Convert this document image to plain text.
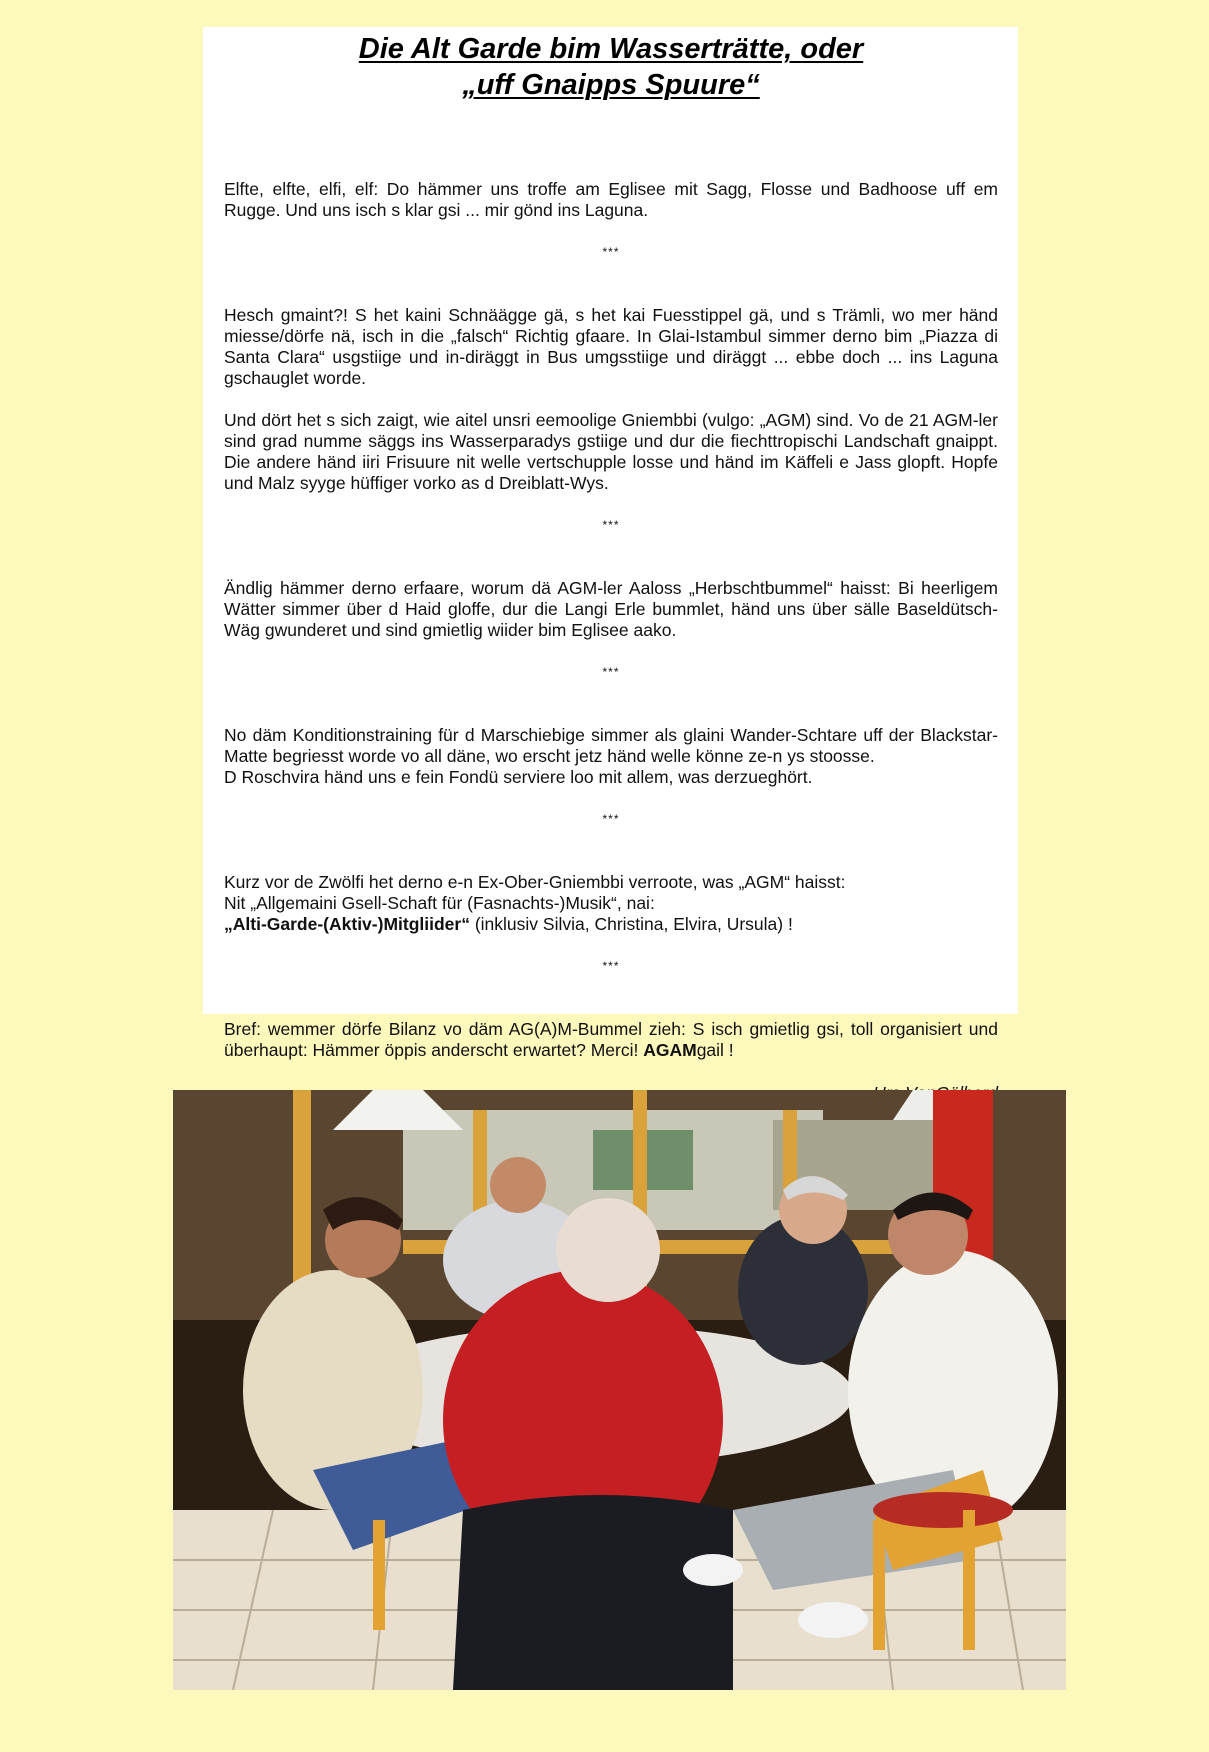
Die Alt Garde bim Wasserträtte, oder
„uff Gnaipps Spuure“

Elfte, elfte, elfi, elf: Do hämmer uns troffe am Eglisee mit Sagg, Flosse und Badhoose uff em Rugge. Und uns isch s klar gsi ... mir gönd ins Laguna.

***

Hesch gmaint?! S het kaini Schnäägge gä, s het kai Fuesstippel gä, und s Trämli, wo mer händ miesse/dörfe nä, isch in die „falsch“ Richtig gfaare. In Glai-Istambul simmer derno bim „Piazza di Santa Clara“ usgstiige und in-diräggt in Bus umgsstiige und diräggt ... ebbe doch ... ins Laguna gschauglet worde.

Und dört het s sich zaigt, wie aitel unsri eemoolige Gniembbi (vulgo: „AGM) sind. Vo de 21 AGM-ler sind grad numme säggs ins Wasserparadys gstiige und dur die fiechttropischi Landschaft gnaippt. Die andere händ iiri Frisuure nit welle vertschupple losse und händ im Käffeli e Jass glopft. Hopfe und Malz syyge hüffiger vorko as d Dreiblatt-Wys.

***

Ändlig hämmer derno erfaare, worum dä AGM-ler Aaloss „Herbschtbummel“ haisst: Bi heerligem Wätter simmer über d Haid gloffe, dur die Langi Erle bummlet, händ uns über sälle Baseldütsch-Wäg gwunderet und sind gmietlig wiider bim Eglisee aako.

***

No däm Konditionstraining für d Marschiebige simmer als glaini Wander-Schtare uff der Blackstar-Matte begriesst worde vo all däne, wo erscht jetz händ welle könne ze-n ys stoosse.

D Roschvira händ uns e fein Fondü serviere loo mit allem, was derzueghört.

***

Kurz vor de Zwölfi het derno e-n Ex-Ober-Gniembbi verroote, was „AGM“ haisst:

Nit „Allgemaini Gsell-Schaft für (Fasnachts-)Musik“, nai:

„Alti-Garde-(Aktiv-)Mitgliider“ (inklusiv Silvia, Christina, Elvira, Ursula) !

***

Bref: wemmer dörfe Bilanz vo däm AG(A)M-Bummel zieh: S isch gmietlig gsi, toll organisiert und überhaupt: Hämmer öppis anderscht erwartet? Merci! AGAMgail !
